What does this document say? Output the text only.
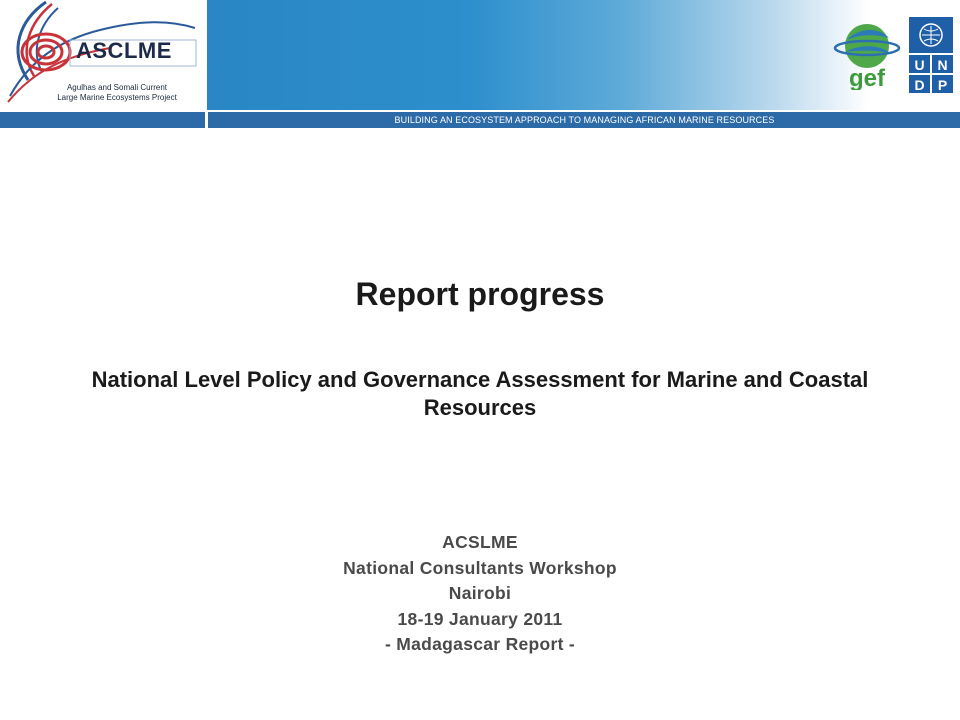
ASCLME
Agulhas and Somali Current
Large Marine Ecosystems Project
BUILDING AN ECOSYSTEM APPROACH TO MANAGING AFRICAN MARINE RESOURCES
gef U N
D P
Report progress
National Level Policy and Governance Assessment for Marine and Coastal Resources
ACSLME
National Consultants Workshop
Nairobi
18-19 January 2011
- Madagascar Report -
